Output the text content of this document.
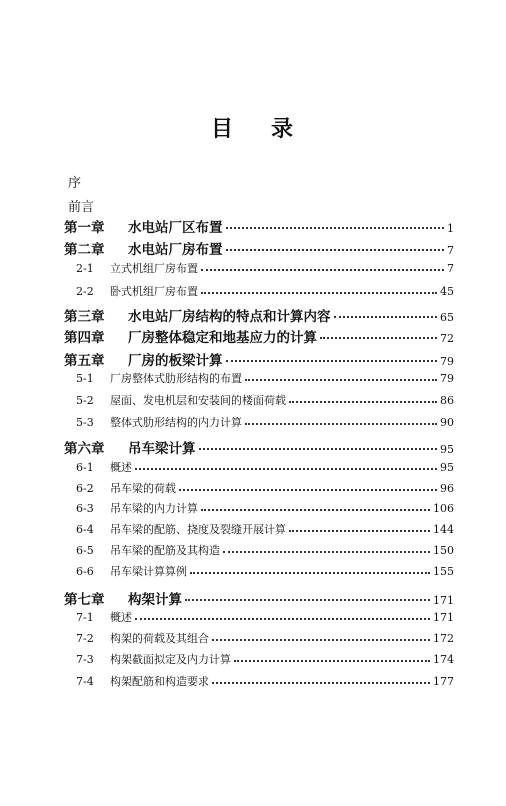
目 录
序
前言
第一章	水电站厂区布置	1
第二章	水电站厂房布置	7
2-1	立式机组厂房布置	7
2-2	卧式机组厂房布置	45
第三章	水电站厂房结构的特点和计算内容	65
第四章	厂房整体稳定和地基应力的计算	72
第五章	厂房的板梁计算	79
5-1	厂房整体式肋形结构的布置	79
5-2	屋面、发电机层和安装间的楼面荷载	86
5-3	整体式肋形结构的内力计算	90
第六章	吊车梁计算	95
6-1	概述	95
6-2	吊车梁的荷载	96
6-3	吊车梁的内力计算	106
6-4	吊车梁的配筋、挠度及裂缝开展计算	144
6-5	吊车梁的配筋及其构造	150
6-6	吊车梁计算算例	155
第七章	构架计算	171
7-1	概述	171
7-2	构架的荷载及其组合	172
7-3	构架截面拟定及内力计算	174
7-4	构架配筋和构造要求	177
